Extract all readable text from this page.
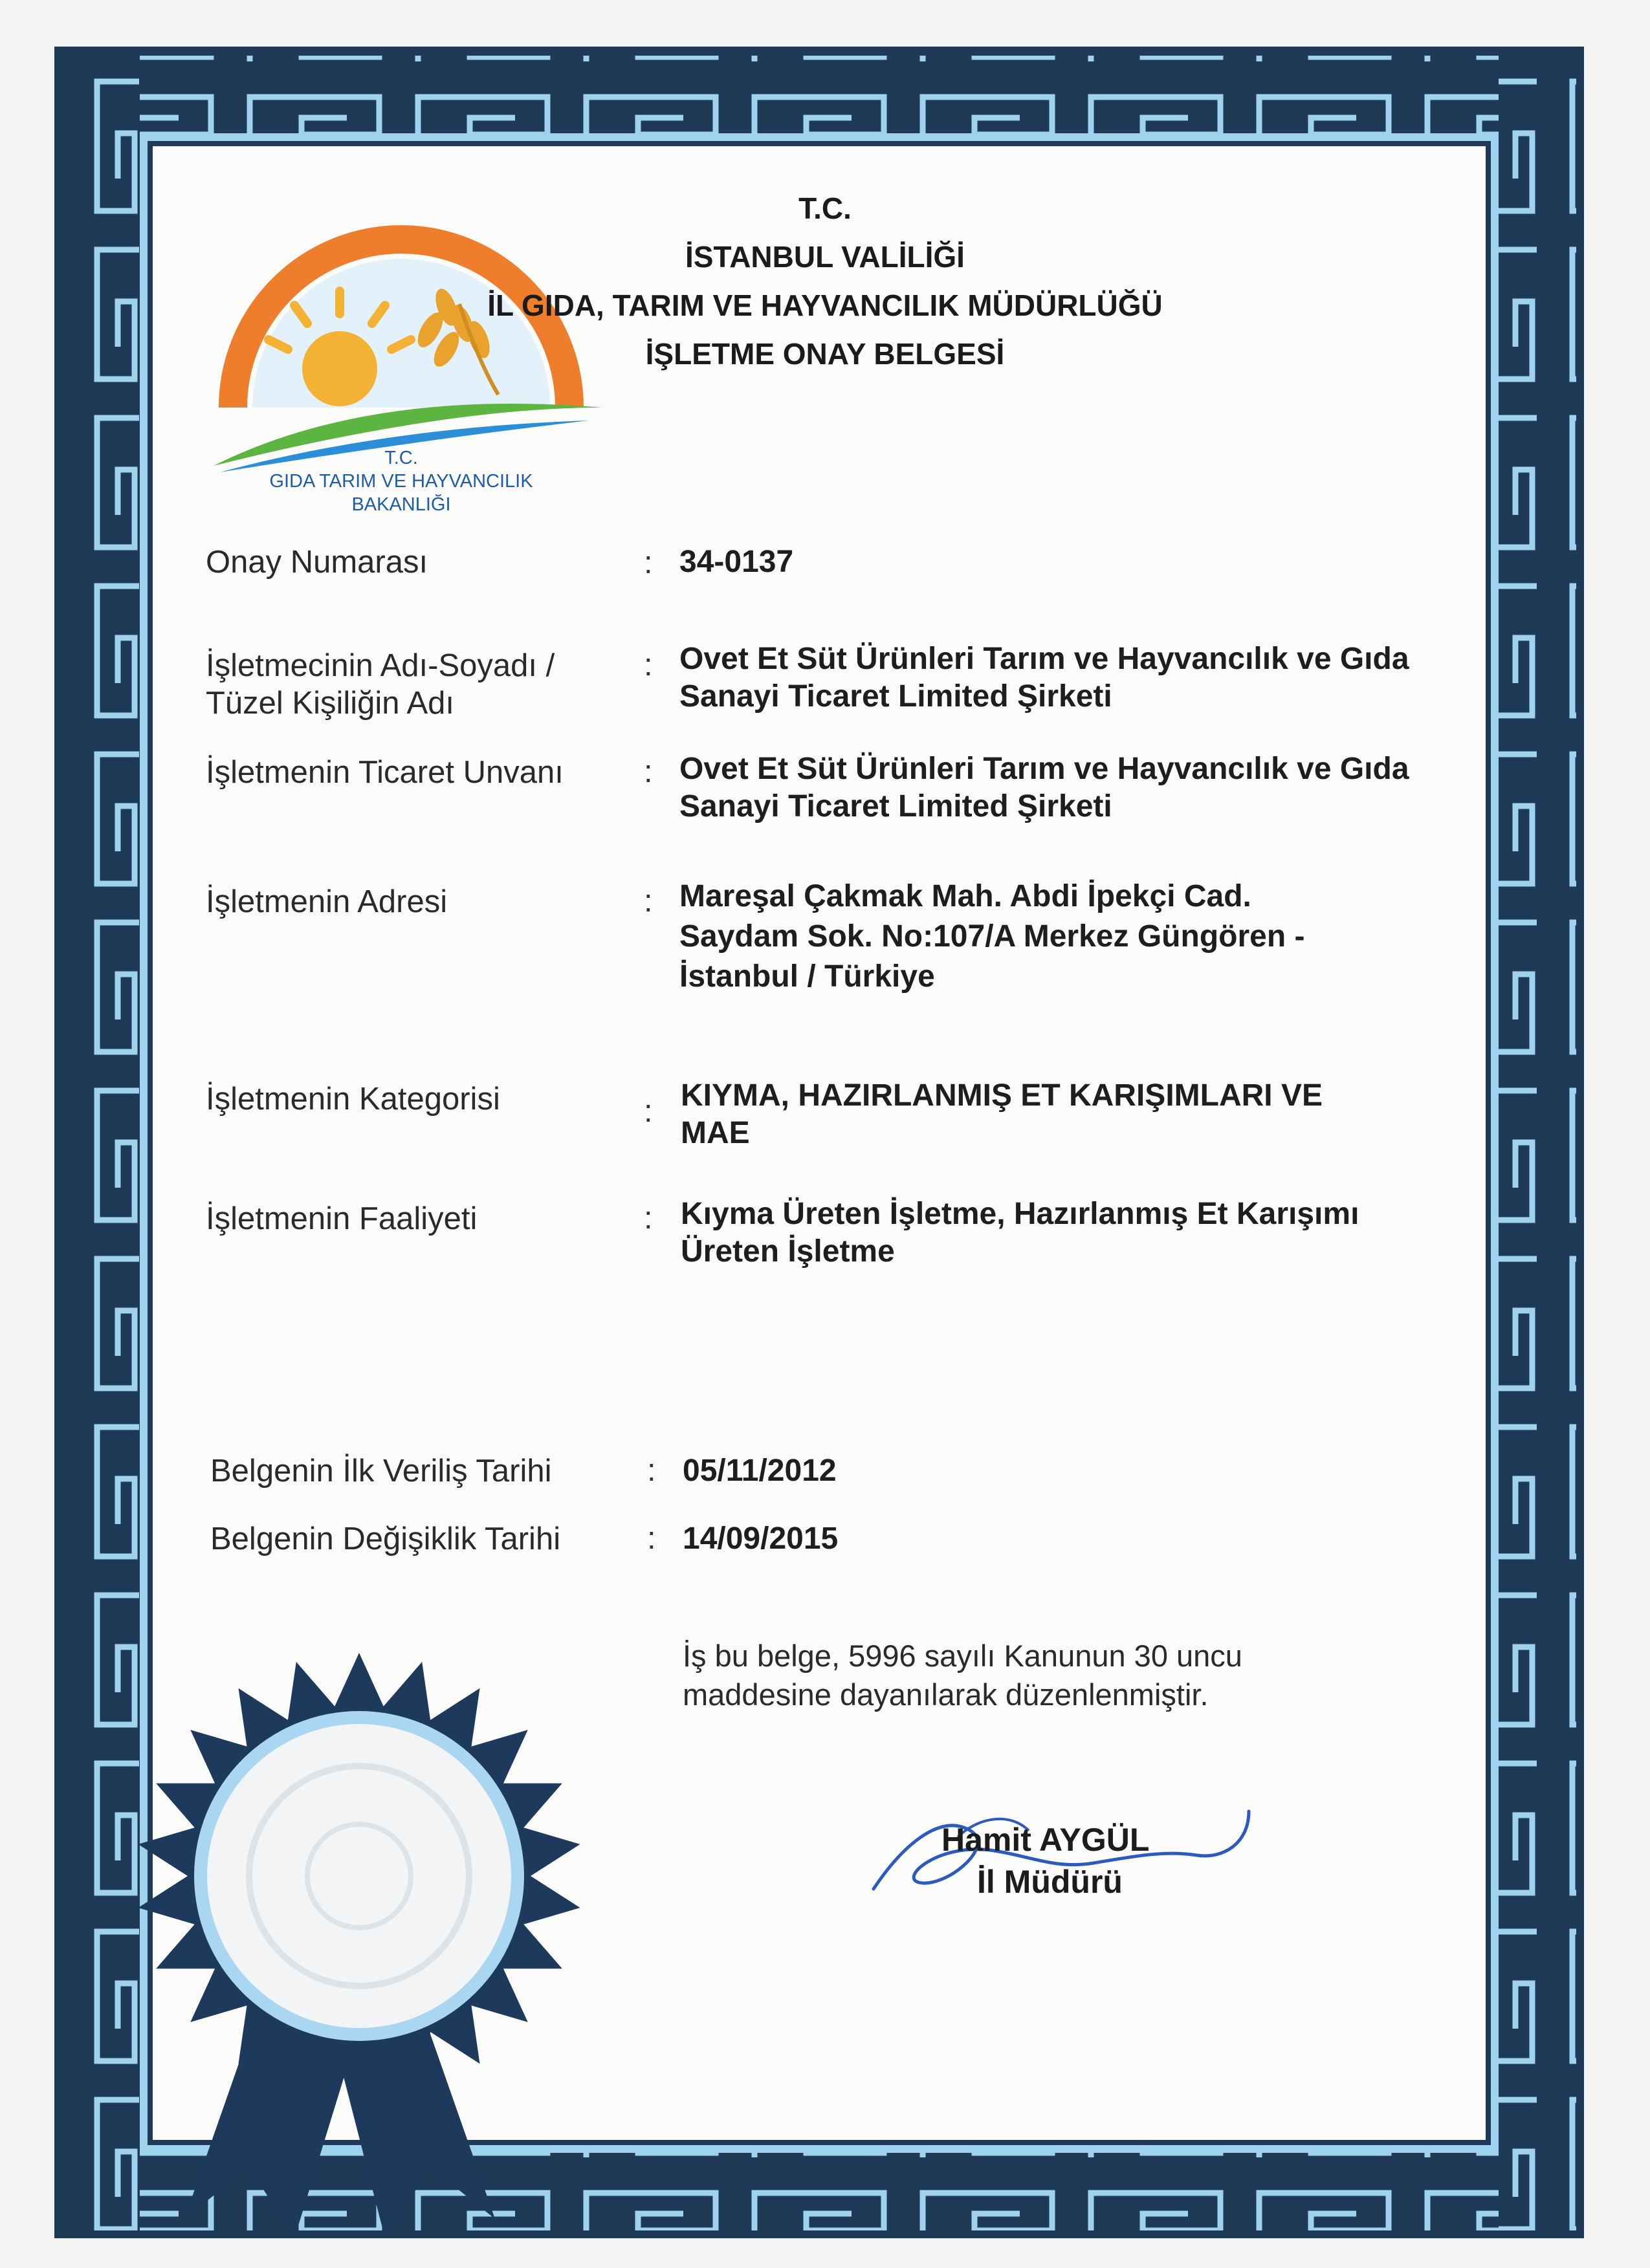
T.C.
GIDA TARIM VE HAYVANCILIK
BAKANLIĞI
T.C.
İSTANBUL VALİLİĞİ
İL GIDA, TARIM VE HAYVANCILIK MÜDÜRLÜĞÜ
İŞLETME ONAY BELGESİ
Onay Numarası	: 34-0137
İşletmecinin Adı-Soyadı / Tüzel Kişiliğin Adı
: Ovet Et Süt Ürünleri Tarım ve Hayvancılık ve Gıda Sanayi Ticaret Limited Şirketi
İşletmenin Ticaret Unvanı	: Ovet Et Süt Ürünleri Tarım ve Hayvancılık ve Gıda Sanayi Ticaret Limited Şirketi
İşletmenin Adresi	: Mareşal Çakmak Mah. Abdi İpekçi Cad. Saydam Sok. No:107/A Merkez Güngören - İstanbul / Türkiye
İşletmenin Kategorisi	: KIYMA, HAZIRLANMIŞ ET KARIŞIMLARI VE MAE
İşletmenin Faaliyeti	: Kıyma Üreten İşletme, Hazırlanmış Et Karışımı Üreten İşletme
Belgenin İlk Veriliş Tarihi	: 05/11/2012
Belgenin Değişiklik Tarihi	: 14/09/2015
İş bu belge, 5996 sayılı Kanunun 30 uncu maddesine dayanılarak düzenlenmiştir.
Hamit AYGÜL
İl Müdürü
